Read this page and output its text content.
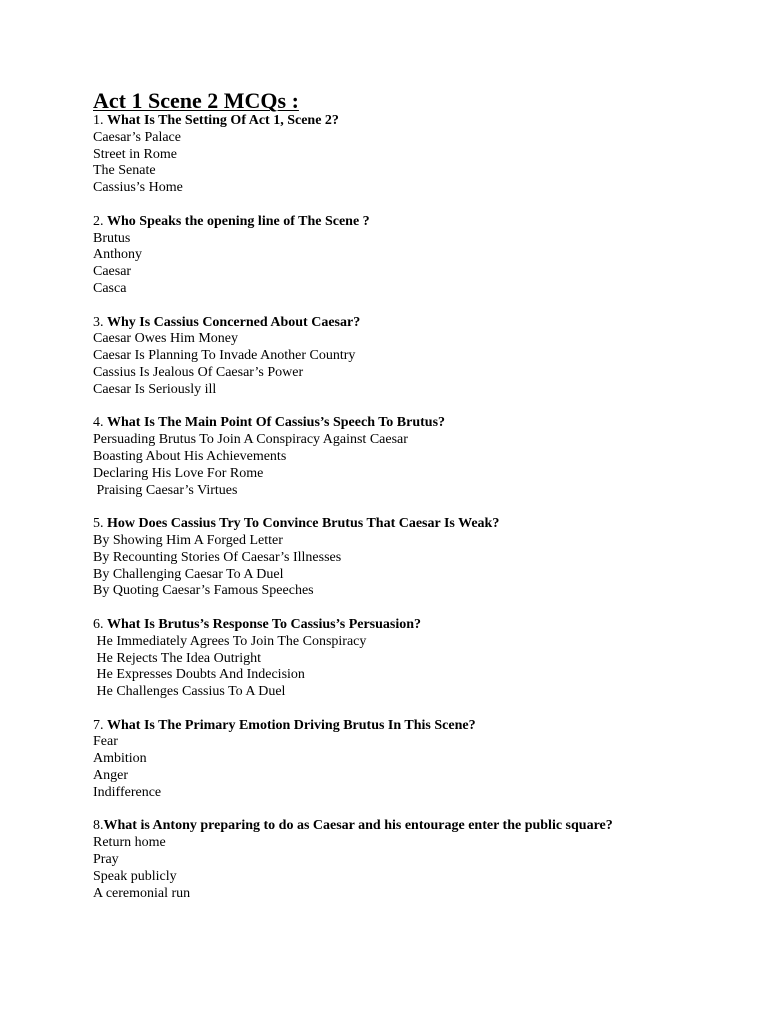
Act 1 Scene 2 MCQs :
1. What Is The Setting Of Act 1, Scene 2?
Caesar’s Palace
Street in Rome
The Senate
Cassius’s Home
2. Who Speaks the opening line of The Scene ?
Brutus
Anthony
Caesar
Casca
3. Why Is Cassius Concerned About Caesar?
Caesar Owes Him Money
Caesar Is Planning To Invade Another Country
Cassius Is Jealous Of Caesar’s Power
Caesar Is Seriously ill
4. What Is The Main Point Of Cassius’s Speech To Brutus?
Persuading Brutus To Join A Conspiracy Against Caesar
Boasting About His Achievements
Declaring His Love For Rome
Praising Caesar’s Virtues
5. How Does Cassius Try To Convince Brutus That Caesar Is Weak?
By Showing Him A Forged Letter
By Recounting Stories Of Caesar’s Illnesses
By Challenging Caesar To A Duel
By Quoting Caesar’s Famous Speeches
6. What Is Brutus’s Response To Cassius’s Persuasion?
He Immediately Agrees To Join The Conspiracy
He Rejects The Idea Outright
He Expresses Doubts And Indecision
He Challenges Cassius To A Duel
7. What Is The Primary Emotion Driving Brutus In This Scene?
Fear
Ambition
Anger
Indifference
8.What is Antony preparing to do as Caesar and his entourage enter the public square?
Return home
Pray
Speak publicly
A ceremonial run
